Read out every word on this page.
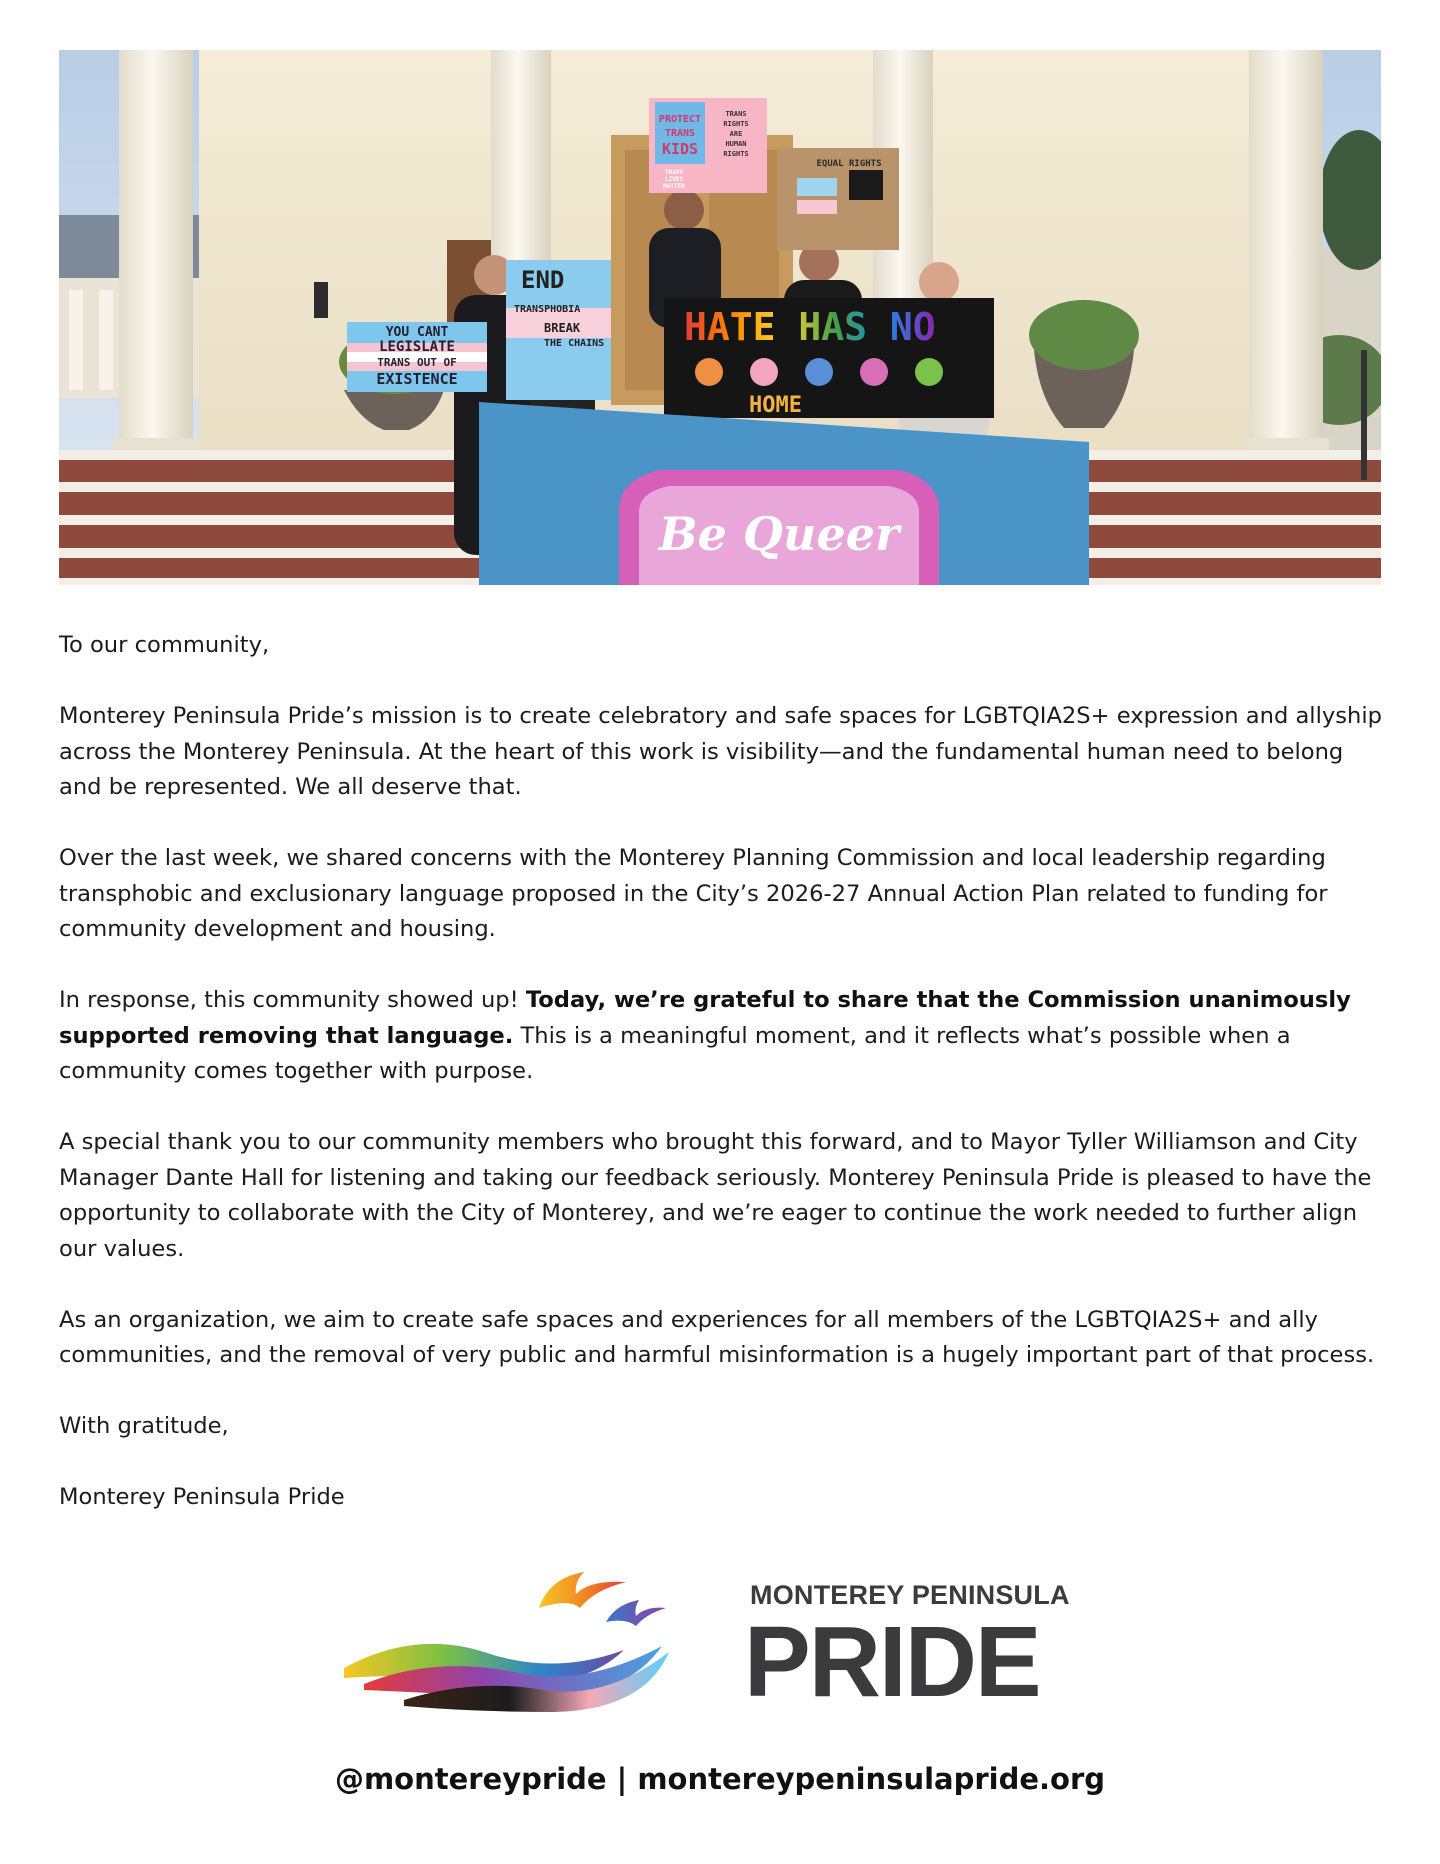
PROTECT
TRANS
KIDS
TRANS
RIGHTS
ARE
HUMAN
RIGHTS
TRANS
LIVES
MATTER
EQUAL RIGHTS
END
TRANSPHOBIA
BREAK
THE CHAINS
YOU CANT
LEGISLATE
TRANS OUT OF
EXISTENCE
HATE HAS NO
HOME
Be Queer

To our community,

Monterey Peninsula Pride’s mission is to create celebratory and safe spaces for LGBTQIA2S+ expression and allyship across the Monterey Peninsula. At the heart of this work is visibility—and the fundamental human need to belong and be represented. We all deserve that.

Over the last week, we shared concerns with the Monterey Planning Commission and local leadership regarding transphobic and exclusionary language proposed in the City’s 2026-27 Annual Action Plan related to funding for community development and housing.

In response, this community showed up! Today, we’re grateful to share that the Commission unanimously supported removing that language. This is a meaningful moment, and it reflects what’s possible when a community comes together with purpose.

A special thank you to our community members who brought this forward, and to Mayor Tyller Williamson and City Manager Dante Hall for listening and taking our feedback seriously. Monterey Peninsula Pride is pleased to have the opportunity to collaborate with the City of Monterey, and we’re eager to continue the work needed to further align our values.

As an organization, we aim to create safe spaces and experiences for all members of the LGBTQIA2S+ and ally communities, and the removal of very public and harmful misinformation is a hugely important part of that process.

With gratitude,

Monterey Peninsula Pride

MONTEREY PENINSULA
PRIDE
@montereypride | montereypeninsulapride.org
